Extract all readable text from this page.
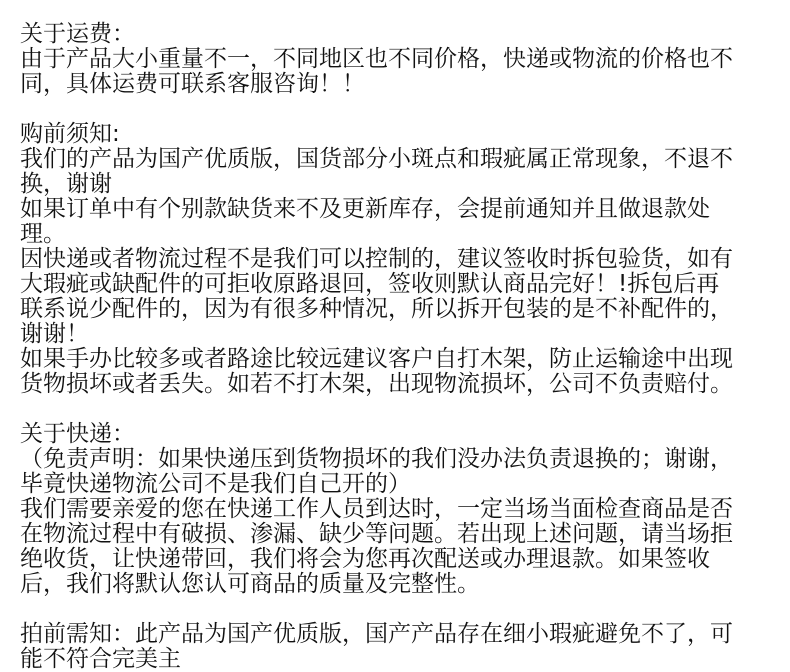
关于运费：
由于产品大小重量不一，不同地区也不同价格，快递或物流的价格也不
同，具体运费可联系客服咨询！！
购前须知:
我们的产品为国产优质版，国货部分小斑点和瑕疵属正常现象，不退不
换，谢谢
如果订单中有个别款缺货来不及更新库存，会提前通知并且做退款处
理。
因快递或者物流过程不是我们可以控制的，建议签收时拆包验货，如有
大瑕疵或缺配件的可拒收原路退回，签收则默认商品完好！!拆包后再
联系说少配件的，因为有很多种情况，所以拆开包装的是不补配件的，
谢谢！
如果手办比较多或者路途比较远建议客户自打木架，防止运输途中出现
货物损坏或者丢失。如若不打木架，出现物流损坏，公司不负责赔付。
关于快递：
（免责声明：如果快递压到货物损坏的我们没办法负责退换的；谢谢，
毕竟快递物流公司不是我们自己开的）
我们需要亲爱的您在快递工作人员到达时，一定当场当面检查商品是否
在物流过程中有破损、渗漏、缺少等问题。若出现上述问题，请当场拒
绝收货，让快递带回，我们将会为您再次配送或办理退款。如果签收
后，我们将默认您认可商品的质量及完整性。
拍前需知：此产品为国产优质版，国产产品存在细小瑕疵避免不了，可
能不符合完美主
